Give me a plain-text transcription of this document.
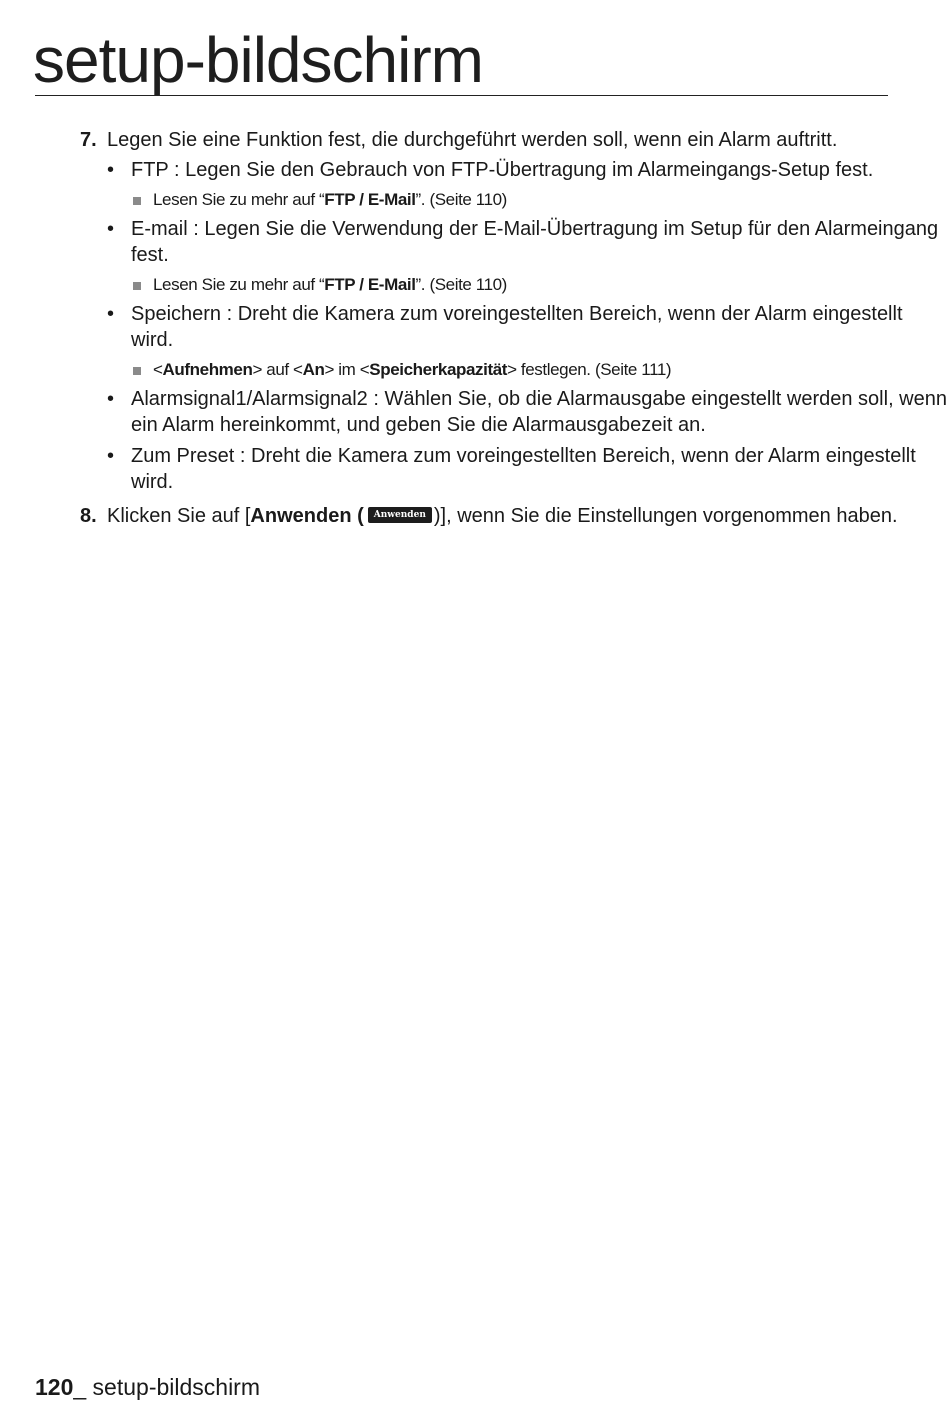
setup-bildschirm
7. Legen Sie eine Funktion fest, die durchgeführt werden soll, wenn ein Alarm auftritt.
• FTP : Legen Sie den Gebrauch von FTP-Übertragung im Alarmeingangs-Setup fest.
Lesen Sie zu mehr auf “FTP / E-Mail”. (Seite 110)
• E-mail : Legen Sie die Verwendung der E-Mail-Übertragung im Setup für den Alarmeingang fest.
Lesen Sie zu mehr auf “FTP / E-Mail”. (Seite 110)
• Speichern : Dreht die Kamera zum voreingestellten Bereich, wenn der Alarm eingestellt wird.
<Aufnehmen> auf <An> im <Speicherkapazität> festlegen. (Seite 111)
• Alarmsignal1/Alarmsignal2 : Wählen Sie, ob die Alarmausgabe eingestellt werden soll, wenn ein Alarm hereinkommt, und geben Sie die Alarmausgabezeit an.
• Zum Preset : Dreht die Kamera zum voreingestellten Bereich, wenn der Alarm eingestellt wird.
8. Klicken Sie auf [Anwenden ( Anwenden )], wenn Sie die Einstellungen vorgenommen haben.
120_ setup-bildschirm
